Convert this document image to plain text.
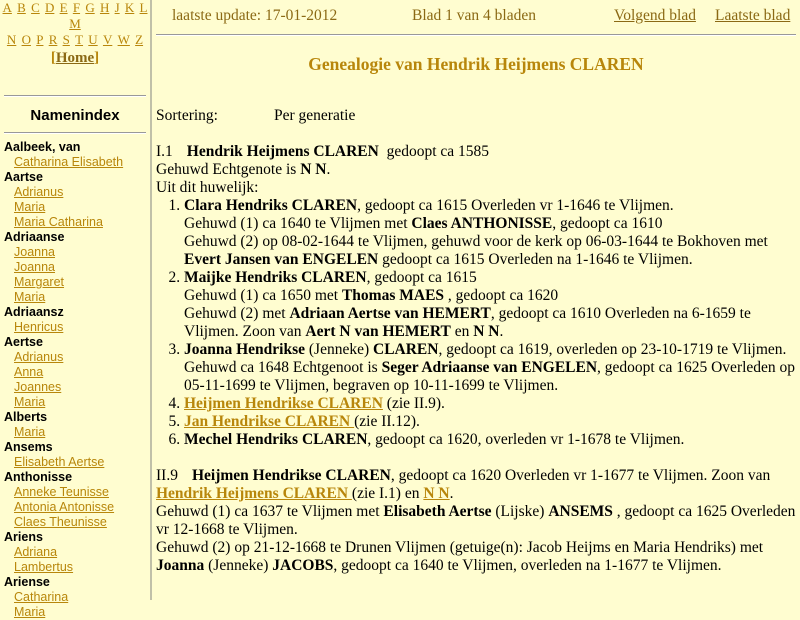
A B C D E F G H J K L M
N O P R S T U V W Z
[Home]
Namenindex
Aalbeek, van
Catharina Elisabeth
Aartse
Adrianus
Maria
Maria Catharina
Adriaanse
Joanna
Joanna
Margaret
Maria
Adriaansz
Henricus
Aertse
Adrianus
Anna
Joannes
Maria
Alberts
Maria
Ansems
Elisabeth Aertse
Anthonisse
Anneke Teunisse
Antonia Antonisse
Claes Theunisse
Ariens
Adriana
Lambertus
Ariense
Catharina
Maria
laatste update: 17-01-2012	Blad 1 van 4 bladen	Volgend blad Laatste blad
Genealogie van Hendrik Heijmens CLAREN

Sortering:	Per generatie

I.1 Hendrik Heijmens CLAREN gedoopt ca 1585

Gehuwd Echtgenote is N N.

Uit dit huwelijk:

1. Clara Hendriks CLAREN, gedoopt ca 1615 Overleden vr 1-1646 te Vlijmen.
Gehuwd (1) ca 1640 te Vlijmen met Claes ANTHONISSE, gedoopt ca 1610
Gehuwd (2) op 08-02-1644 te Vlijmen, gehuwd voor de kerk op 06-03-1644 te Bokhoven met
Evert Jansen van ENGELEN gedoopt ca 1615 Overleden na 1-1646 te Vlijmen.
2. Maijke Hendriks CLAREN, gedoopt ca 1615
Gehuwd (1) ca 1650 met Thomas MAES , gedoopt ca 1620
Gehuwd (2) met Adriaan Aertse van HEMERT, gedoopt ca 1610 Overleden na 6-1659 te Vlijmen. Zoon van Aert N van HEMERT en N N.
3. Joanna Hendrikse (Jenneke) CLAREN, gedoopt ca 1619, overleden op 23-10-1719 te Vlijmen.
Gehuwd ca 1648 Echtgenoot is Seger Adriaanse van ENGELEN, gedoopt ca 1625 Overleden op 05-11-1699 te Vlijmen, begraven op 10-11-1699 te Vlijmen.
4. Heijmen Hendrikse CLAREN (zie II.9).
5. Jan Hendrikse CLAREN (zie II.12).
6. Mechel Hendriks CLAREN, gedoopt ca 1620, overleden vr 1-1678 te Vlijmen.

II.9 Heijmen Hendrikse CLAREN, gedoopt ca 1620 Overleden vr 1-1677 te Vlijmen. Zoon van Hendrik Heijmens CLAREN (zie I.1) en N N.

Gehuwd (1) ca 1637 te Vlijmen met Elisabeth Aertse (Lijske) ANSEMS , gedoopt ca 1625 Overleden vr 12-1668 te Vlijmen.

Gehuwd (2) op 21-12-1668 te Drunen Vlijmen (getuige(n): Jacob Heijms en Maria Hendriks) met

Joanna (Jenneke) JACOBS, gedoopt ca 1640 te Vlijmen, overleden na 1-1677 te Vlijmen.
